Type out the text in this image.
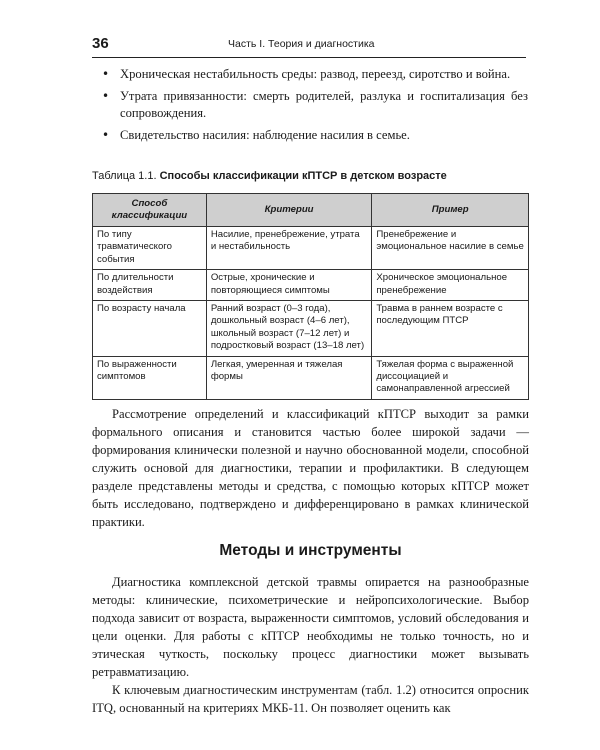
36	Часть I. Теория и диагностика
• Хроническая нестабильность среды: развод, переезд, сиротство и война.
• Утрата привязанности: смерть родителей, разлука и госпитализация без сопровождения.
• Свидетельство насилия: наблюдение насилия в семье.
Таблица 1.1. Способы классификации кПТСР в детском возрасте
Способ классификации	Критерии	Пример
По типу травматического события	Насилие, пренебрежение, утрата и нестабильность	Пренебрежение и эмоциональное насилие в семье
По длительности воздействия	Острые, хронические и повторяющиеся симптомы	Хроническое эмоциональное пренебрежение
По возрасту начала	Ранний возраст (0–3 года), дошкольный возраст (4–6 лет), школьный возраст (7–12 лет) и подростковый возраст (13–18 лет)	Травма в раннем возрасте с последующим ПТСР
По выраженности симптомов	Легкая, умеренная и тяжелая формы	Тяжелая форма с выраженной диссоциацией и самонаправленной агрессией
Рассмотрение определений и классификаций кПТСР выходит за рамки формального описания и становится частью более широкой задачи — формирования клинически полезной и научно обоснованной модели, способной служить основой для диагностики, терапии и профилактики. В следующем разделе представлены методы и средства, с помощью которых кПТСР может быть исследовано, подтверждено и дифференцировано в рамках клинической практики.
Методы и инструменты
Диагностика комплексной детской травмы опирается на разнообразные методы: клинические, психометрические и нейропсихологические. Выбор подхода зависит от возраста, выраженности симптомов, условий обследования и цели оценки. Для работы с кПТСР необходимы не только точность, но и этическая чуткость, поскольку процесс диагностики может вызывать ретравматизацию.
К ключевым диагностическим инструментам (табл. 1.2) относится опросник ITQ, основанный на критериях МКБ-11. Он позволяет оценить как
